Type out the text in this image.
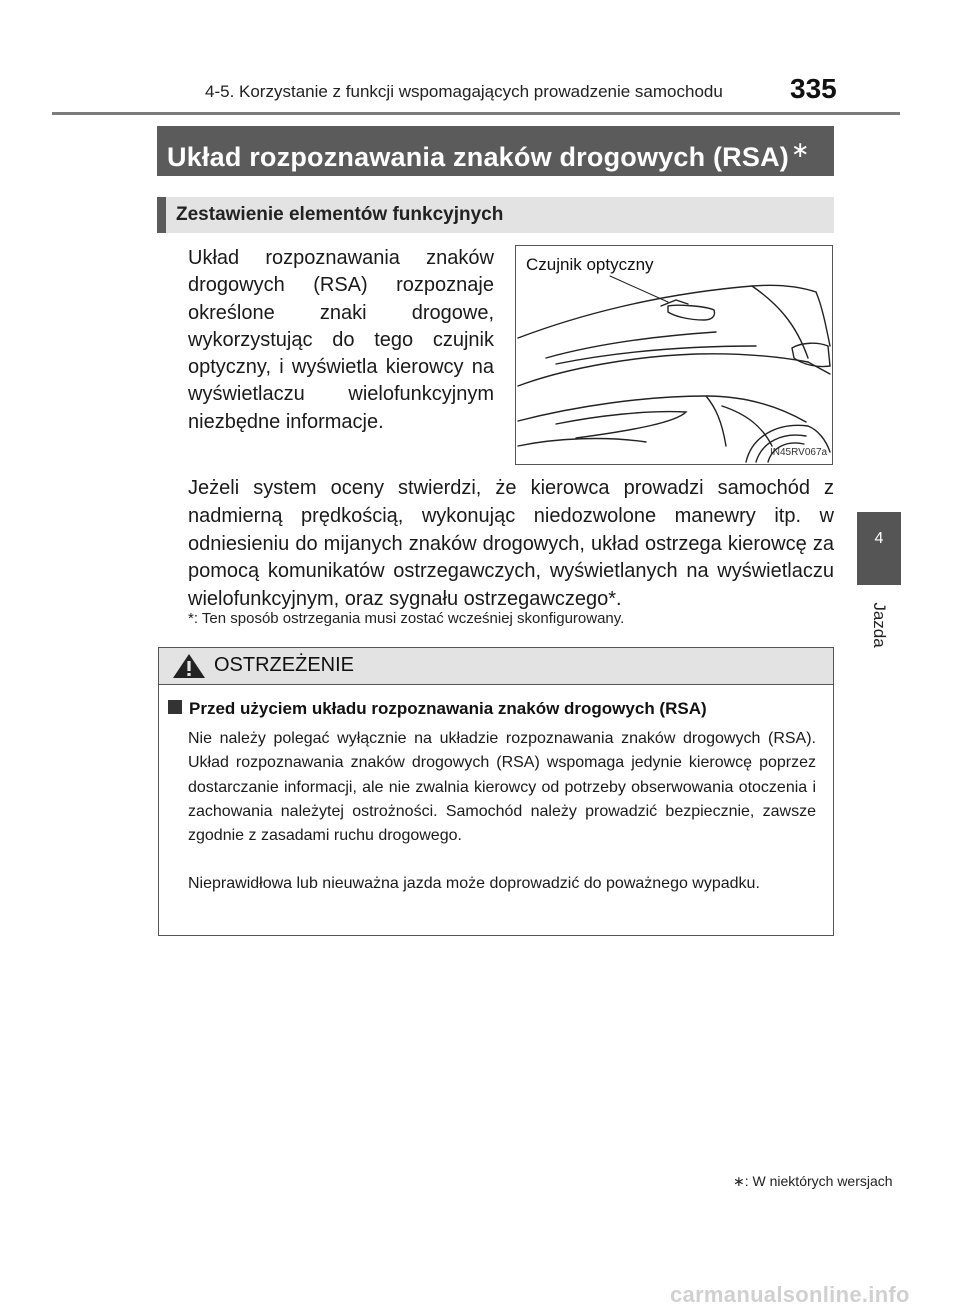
4-5. Korzystanie z funkcji wspomagających prowadzenie samochodu 335
4
Jazda
Układ rozpoznawania znaków drogowych (RSA)∗
Zestawienie elementów funkcyjnych
Układ rozpoznawania znaków drogowych (RSA) rozpoznaje określone znaki drogowe, wykorzystując do tego czujnik optyczny, i wyświetla kierowcy na wyświetlaczu wielofunkcyjnym niezbędne informacje.
Czujnik optyczny
IN45RV067a
Jeżeli system oceny stwierdzi, że kierowca prowadzi samochód z nadmierną prędkością, wykonując niedozwolone manewry itp. w odniesieniu do mijanych znaków drogowych, układ ostrzega kierowcę za pomocą komunikatów ostrzegawczych, wyświetlanych na wyświetlaczu wielofunkcyjnym, oraz sygnału ostrzegawczego*.
*: Ten sposób ostrzegania musi zostać wcześniej skonfigurowany.
OSTRZEŻENIE
Przed użyciem układu rozpoznawania znaków drogowych (RSA)
Nie należy polegać wyłącznie na układzie rozpoznawania znaków drogowych (RSA). Układ rozpoznawania znaków drogowych (RSA) wspomaga jedynie kierowcę poprzez dostarczanie informacji, ale nie zwalnia kierowcy od potrzeby obserwowania otoczenia i zachowania należytej ostrożności. Samochód należy prowadzić bezpiecznie, zawsze zgodnie z zasadami ruchu drogowego.
Nieprawidłowa lub nieuważna jazda może doprowadzić do poważnego wypadku.
∗: W niektórych wersjach
carmanualsonline.info
